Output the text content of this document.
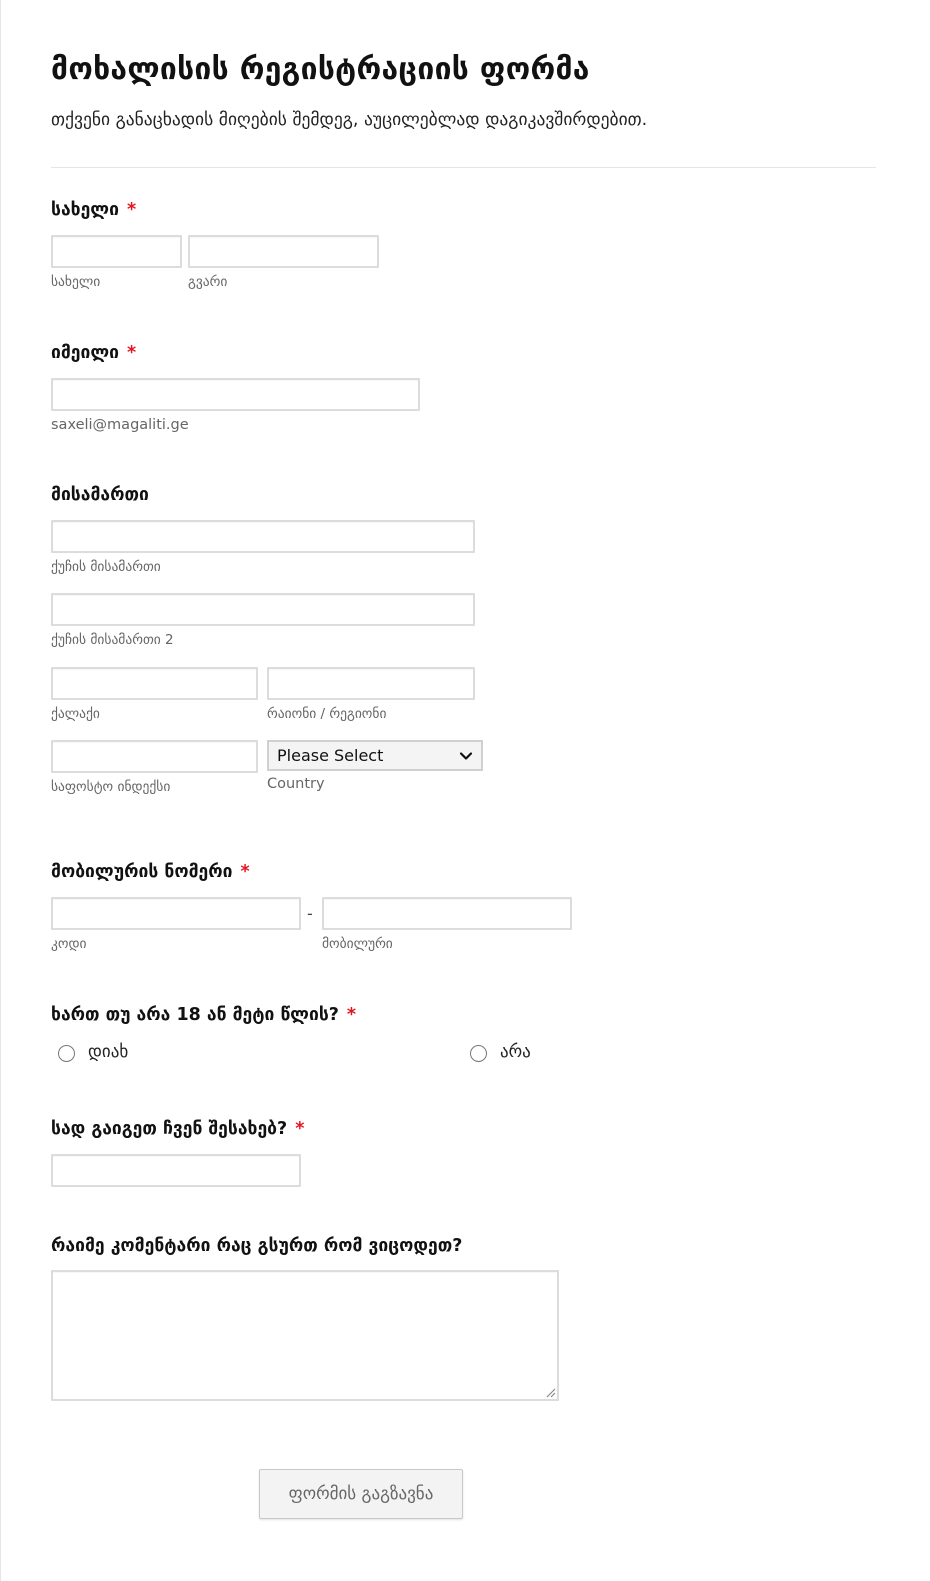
მოხალისის რეგისტრაციის ფორმა
თქვენი განაცხადის მიღების შემდეგ, აუცილებლად დაგიკავშირდებით.
სახელი *
სახელი	გვარი
იმეილი *
saxeli@magaliti.ge
მისამართი
ქუჩის მისამართი
ქუჩის მისამართი 2
ქალაქი	რაიონი / რეგიონი
Please Select
საფოსტო ინდექსი	Country
მობილურის ნომერი *
-
კოდი	მობილური
ხართ თუ არა 18 ან მეტი წლის? *
დიახ	არა
სად გაიგეთ ჩვენ შესახებ? *
რაიმე კომენტარი რაც გსურთ რომ ვიცოდეთ?
ფორმის გაგზავნა
